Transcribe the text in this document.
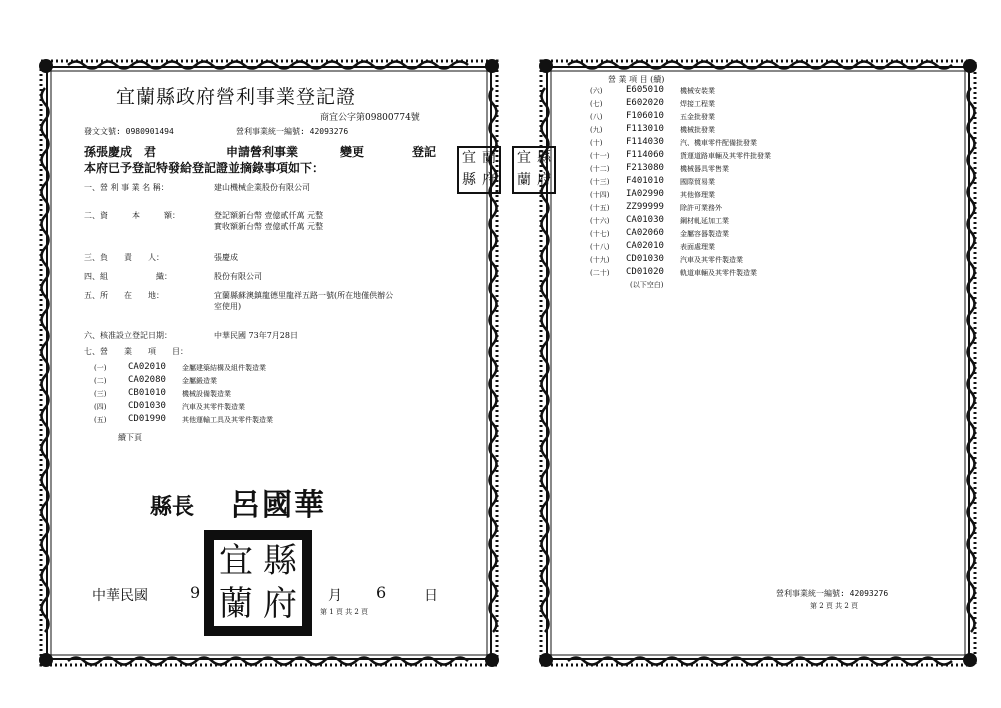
宜蘭縣政府營利事業登記證
商宜公字第09800774號
發文文號: 0980901494	營利事業統一編號: 42093276
孫張慶成　君	申請營利事業	變更	登記
本府已予登記特發給登記證並摘錄事項如下：
宜 蘭
縣 府
一、營 利 事 業 名 稱：	建山機械企業股份有限公司
二、資　　　本　　　額：	登記額新台幣 壹億貳仟萬 元整
實收額新台幣 壹億貳仟萬 元整
三、負　　責　　人：	張慶成
四、組　　　　　　織：	股份有限公司
五、所　　在　　地：	宜蘭縣蘇澳鎮龍德里龍祥五路一號(所在地僅供辦公
室使用)
六、核准設立登記日期：	中華民國 73年7月28日
七、營　　業　　項　　目：
(一) CA02010 金屬建築結構及組件製造業
(二) CA02080 金屬鍛造業
(三) CB01010 機械設備製造業
(四) CD01030 汽車及其零件製造業
(五) CD01990 其他運輸工具及其零件製造業
續下頁
縣長 呂國華
宜 縣
蘭 府
中華民國	9	月 6	日
第 1 頁 共 2 頁
宜 縣
蘭 府
營 業 項 目 (續)
(六)	E605010 機械安裝業
(七)	E602020 焊接工程業
(八)	F106010 五金批發業
(九)	F113010 機械批發業
(十)	F114030 汽、機車零件配備批發業
(十一) F114060 貨運道路車輛及其零件批發業
(十二) F213080 機械器具零售業
(十三) F401010 國際貿易業
(十四) IA02990 其他修理業
(十五) ZZ99999 除許可業務外
(十六) CA01030 鋼材軋延加工業
(十七) CA02060 金屬容器製造業
(十八) CA02010 表面處理業
(十九) CD01030 汽車及其零件製造業
(二十) CD01020 軌道車輛及其零件製造業
(以下空白)
營利事業統一編號: 42093276
第 2 頁 共 2 頁
